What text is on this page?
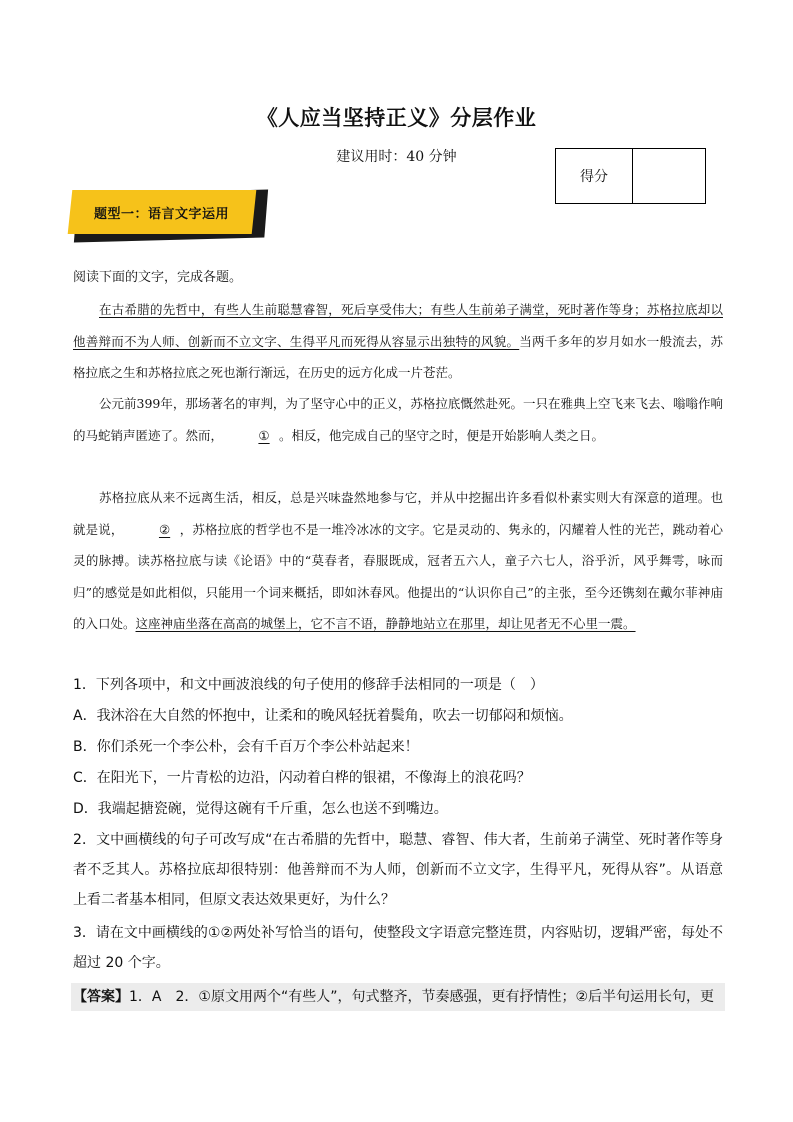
《人应当坚持正义》分层作业
建议用时：40 分钟
得分
题型一：语言文字运用

阅读下面的文字，完成各题。

在古希腊的先哲中，有些人生前聪慧睿智，死后享受伟大；有些人生前弟子满堂，死时著作等身；苏格拉底却以他善辩而不为人师、创新而不立文字、生得平凡而死得从容显示出独特的风貌。当两千多年的岁月如水一般流去，苏格拉底之生和苏格拉底之死也渐行渐远，在历史的远方化成一片苍茫。

公元前399年，那场著名的审判，为了坚守心中的正义，苏格拉底慨然赴死。一只在雅典上空飞来飞去、嗡嗡作响的马蛇销声匿迹了。然而，	① 。相反，他完成自己的坚守之时，便是开始影响人类之日。

苏格拉底从来不远离生活，相反，总是兴味盎然地参与它，并从中挖掘出许多看似朴素实则大有深意的道理。也就是说，	② ，苏格拉底的哲学也不是一堆冷冰冰的文字。它是灵动的、隽永的，闪耀着人性的光芒，跳动着心灵的脉搏。读苏格拉底与读《论语》中的“莫春者，春服既成，冠者五六人，童子六七人，浴乎沂，风乎舞雩，咏而归”的感觉是如此相似，只能用一个词来概括，即如沐春风。他提出的“认识你自己”的主张，至今还镌刻在戴尔菲神庙的入口处。这座神庙坐落在高高的城堡上，它不言不语，静静地站立在那里，却让见者无不心里一震。

1．下列各项中，和文中画波浪线的句子使用的修辞手法相同的一项是（　）

A．我沐浴在大自然的怀抱中，让柔和的晚风轻抚着鬓角，吹去一切郁闷和烦恼。

B．你们杀死一个李公朴，会有千百万个李公朴站起来！

C．在阳光下，一片青松的边沿，闪动着白桦的银裙，不像海上的浪花吗？

D．我端起搪瓷碗，觉得这碗有千斤重，怎么也送不到嘴边。

2．文中画横线的句子可改写成“在古希腊的先哲中，聪慧、睿智、伟大者，生前弟子满堂、死时著作等身者不乏其人。苏格拉底却很特别：他善辩而不为人师，创新而不立文字，生得平凡，死得从容”。从语意上看二者基本相同，但原文表达效果更好，为什么？

3．请在文中画横线的①②两处补写恰当的语句，使整段文字语意完整连贯，内容贴切，逻辑严密，每处不超过 20 个字。

【答案】1．A　2．①原文用两个“有些人”，句式整齐，节奏感强，更有抒情性；②后半句运用长句，更
